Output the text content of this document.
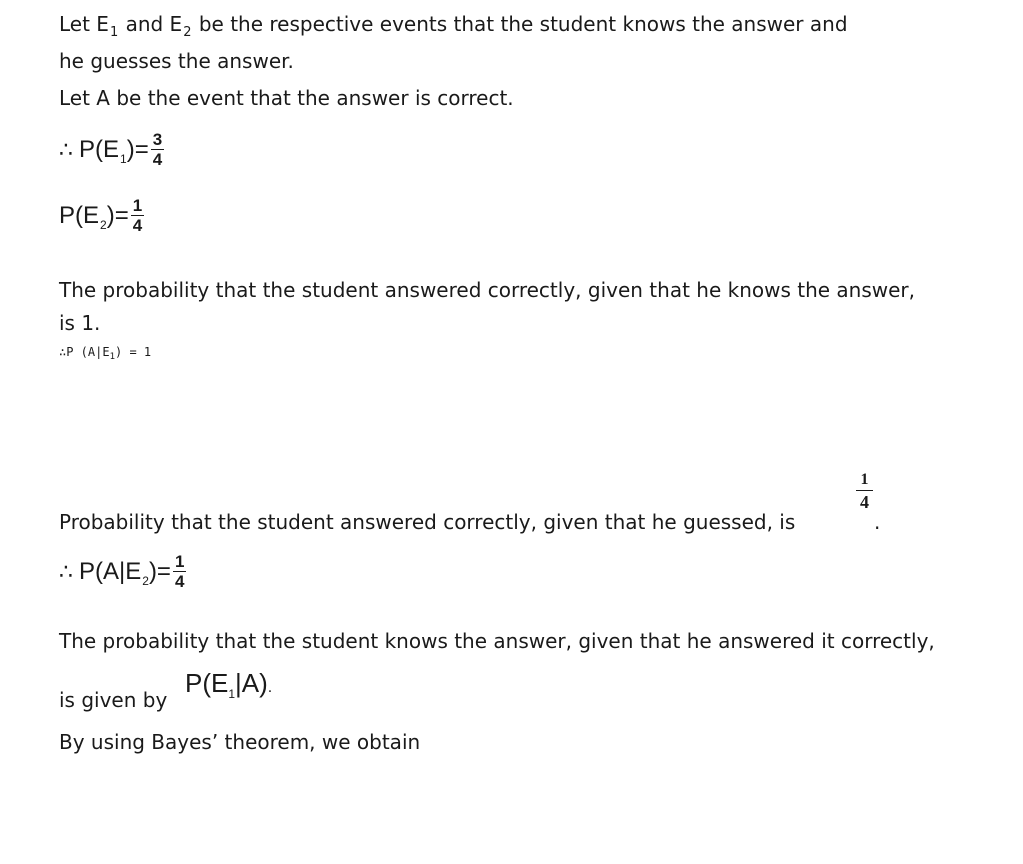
Let $E_1$ and $E_2$ be the respective events that the student knows the answer and
he guesses the answer.
Let A be the event that the answer is correct.
∴ $P(E_1)= \frac{3}{4}$
$P(E_2)= \frac{1}{4}$
The probability that the student answered correctly, given that he knows the answer,
is 1.
∴P $(A|E_1) = 1$
Probability that the student answered correctly, given that he guessed, is
$\frac{1}{4}$
.
∴ $P(A|E_2)= \frac{1}{4}$
The probability that the student knows the answer, given that he answered it correctly,
is given by
$P(E_1|A)$.
By using Bayes’ theorem, we obtain
